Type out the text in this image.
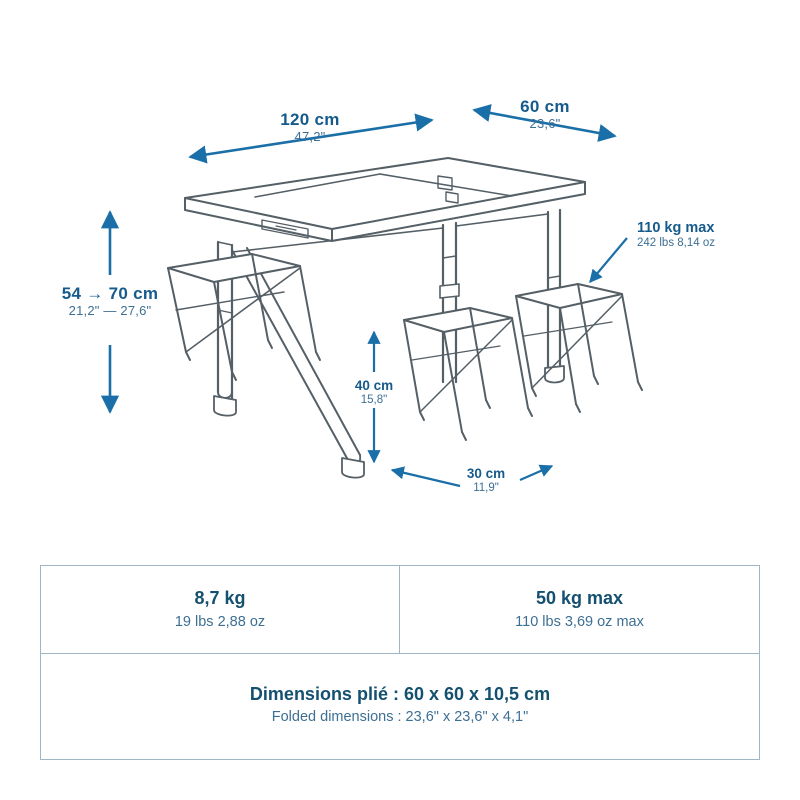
120 cm
47,2"
60 cm
23,6"
54 → 70 cm
21,2" — 27,6"
40 cm
15,8"
30 cm
11,9"
110 kg max
242 lbs 8,14 oz
8,7 kg
19 lbs 2,88 oz
50 kg max
110 lbs 3,69 oz max
Dimensions plié : 60 x 60 x 10,5 cm
Folded dimensions : 23,6" x 23,6" x 4,1"
